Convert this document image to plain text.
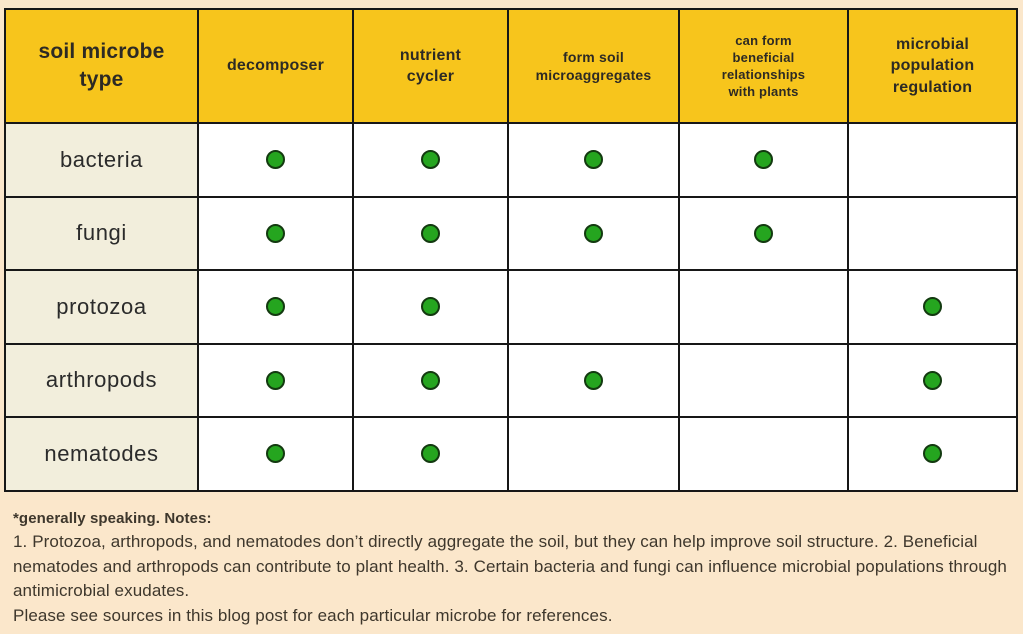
soil microbe type
decomposer
nutrient cycler
form soil microaggregates
can form beneficial relationships with plants
microbial population regulation
bacteria
fungi
protozoa
arthropods
nematodes
*generally speaking. Notes:
1. Protozoa, arthropods, and nematodes don’t directly aggregate the soil, but they can help improve soil structure. 2. Beneficial nematodes and arthropods can contribute to plant health. 3. Certain bacteria and fungi can influence microbial populations through antimicrobial exudates.
Please see sources in this blog post for each particular microbe for references.
